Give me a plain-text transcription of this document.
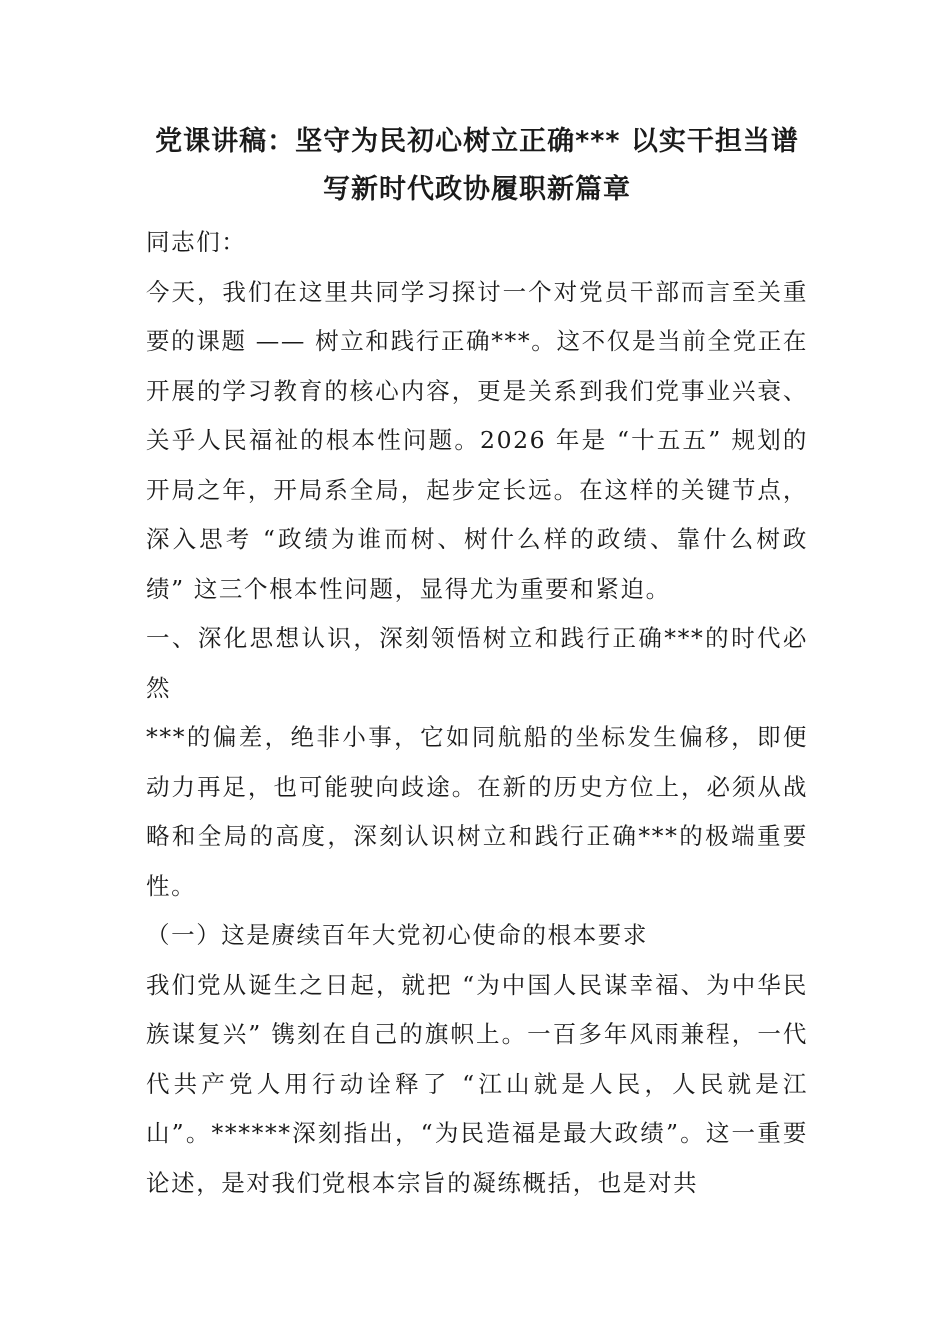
党课讲稿：坚守为民初心树立正确*** 以实干担当谱
写新时代政协履职新篇章

同志们：

今天，我们在这里共同学习探讨一个对党员干部而言至关重要的课题 —— 树立和践行正确***。这不仅是当前全党正在开展的学习教育的核心内容，更是关系到我们党事业兴衰、关乎人民福祉的根本性问题。2026 年是 “十五五” 规划的开局之年，开局系全局，起步定长远。在这样的关键节点，深入思考 “政绩为谁而树、树什么样的政绩、靠什么树政绩” 这三个根本性问题，显得尤为重要和紧迫。

一、深化思想认识，深刻领悟树立和践行正确***的时代必然

***的偏差，绝非小事，它如同航船的坐标发生偏移，即便动力再足，也可能驶向歧途。在新的历史方位上，必须从战略和全局的高度，深刻认识树立和践行正确***的极端重要性。

（一）这是赓续百年大党初心使命的根本要求

我们党从诞生之日起，就把 “为中国人民谋幸福、为中华民族谋复兴” 镌刻在自己的旗帜上。一百多年风雨兼程，一代代共产党人用行动诠释了 “江山就是人民，人民就是江山”。******深刻指出，“为民造福是最大政绩”。这一重要论述，是对我们党根本宗旨的凝练概括，也是对共
